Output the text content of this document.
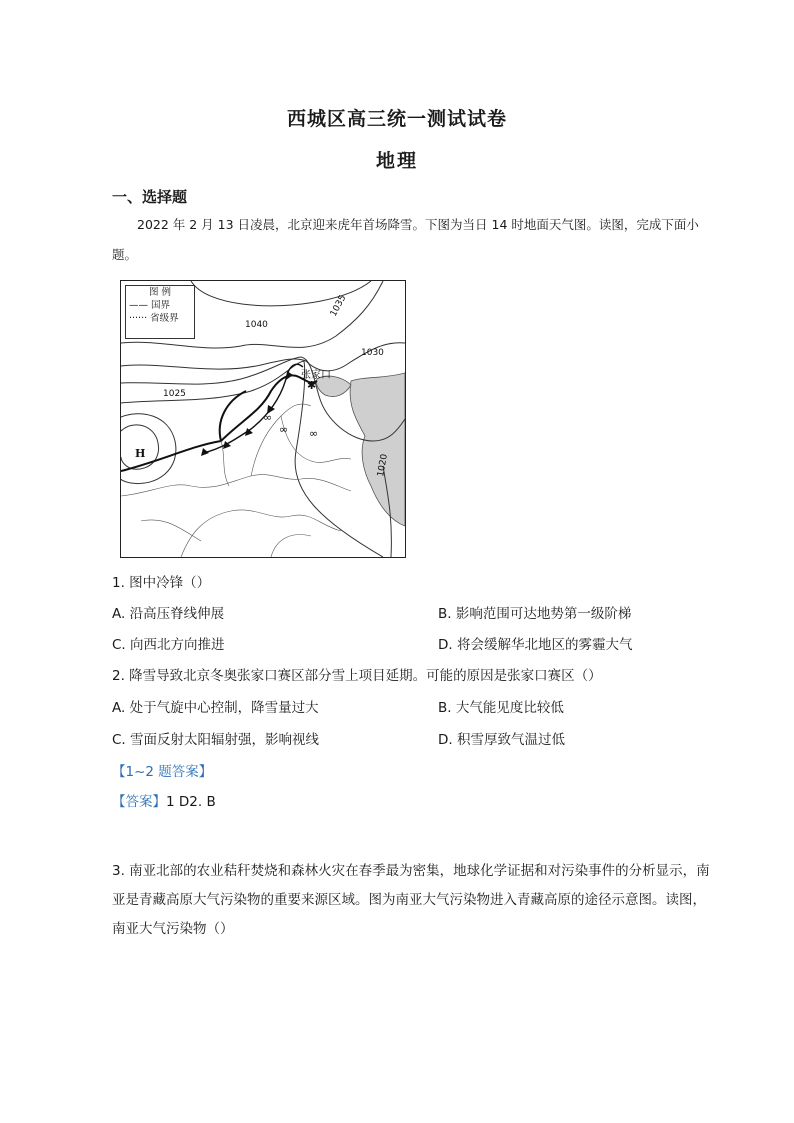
西城区高三统一测试试卷
地理
一、选择题
2022 年 2 月 13 日凌晨，北京迎来虎年首场降雪。下图为当日 14 时地面天气图。读图，完成下面小题。
∞
∞ ∞
✱
1040
1035
1030
1025
1020
H
张家口
图 例
—— 国界
······ 省级界
1. 图中冷锋（）
A. 沿高压脊线伸展	B. 影响范围可达地势第一级阶梯
C. 向西北方向推进	D. 将会缓解华北地区的雾霾大气
2. 降雪导致北京冬奥张家口赛区部分雪上项目延期。可能的原因是张家口赛区（）
A. 处于气旋中心控制，降雪量过大	B. 大气能见度比较低
C. 雪面反射太阳辐射强，影响视线	D. 积雪厚致气温过低
【1~2 题答案】
【答案】1 D2. B
3. 南亚北部的农业秸秆焚烧和森林火灾在春季最为密集，地球化学证据和对污染事件的分析显示，南亚是青藏高原大气污染物的重要来源区域。图为南亚大气污染物进入青藏高原的途径示意图。读图，南亚大气污染物（）
